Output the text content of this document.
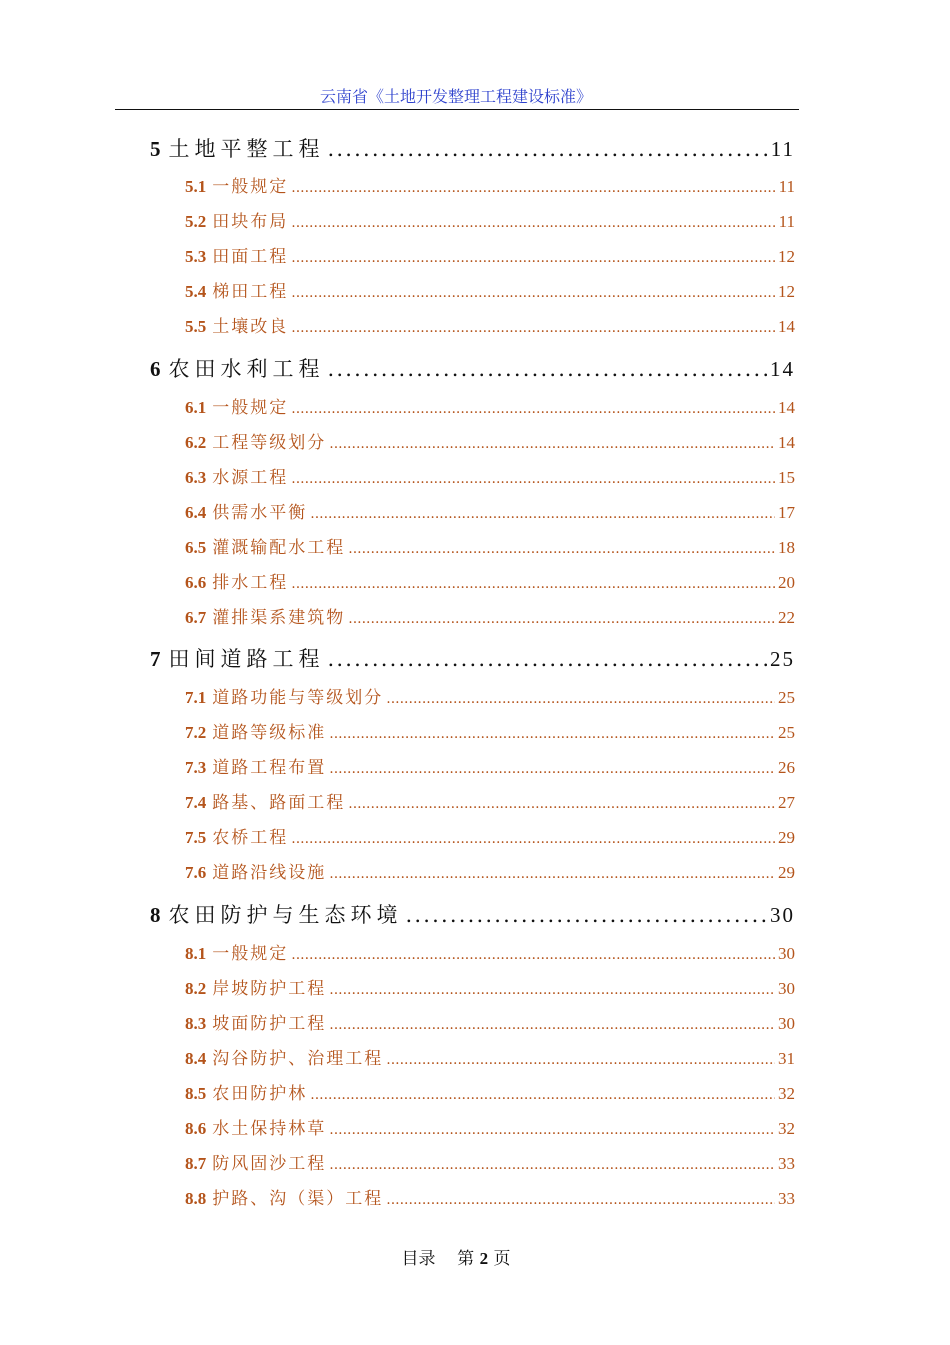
云南省《土地开发整理工程建设标准》
5 土地平整工程 .....	11
5.1 一般规定 .....	11
5.2 田块布局 .....	11
5.3 田面工程 .....	12
5.4 梯田工程 .....	12
5.5 土壤改良 .....	14
6 农田水利工程 .....	14
6.1 一般规定 .....	14
6.2 工程等级划分 .....	14
6.3 水源工程 .....	15
6.4 供需水平衡 .....	17
6.5 灌溉输配水工程 .....	18
6.6 排水工程 .....	20
6.7 灌排渠系建筑物 .....	22
7 田间道路工程 .....	25
7.1 道路功能与等级划分 .....	25
7.2 道路等级标准 .....	25
7.3 道路工程布置 .....	26
7.4 路基、路面工程 .....	27
7.5 农桥工程 .....	29
7.6 道路沿线设施 .....	29
8 农田防护与生态环境 .....	30
8.1 一般规定 .....	30
8.2 岸坡防护工程 .....	30
8.3 坡面防护工程 .....	30
8.4 沟谷防护、治理工程 .....	31
8.5 农田防护林 .....	32
8.6 水土保持林草 .....	32
8.7 防风固沙工程 .....	33
8.8 护路、沟（渠）工程 .....	33
目录 第 2 页
